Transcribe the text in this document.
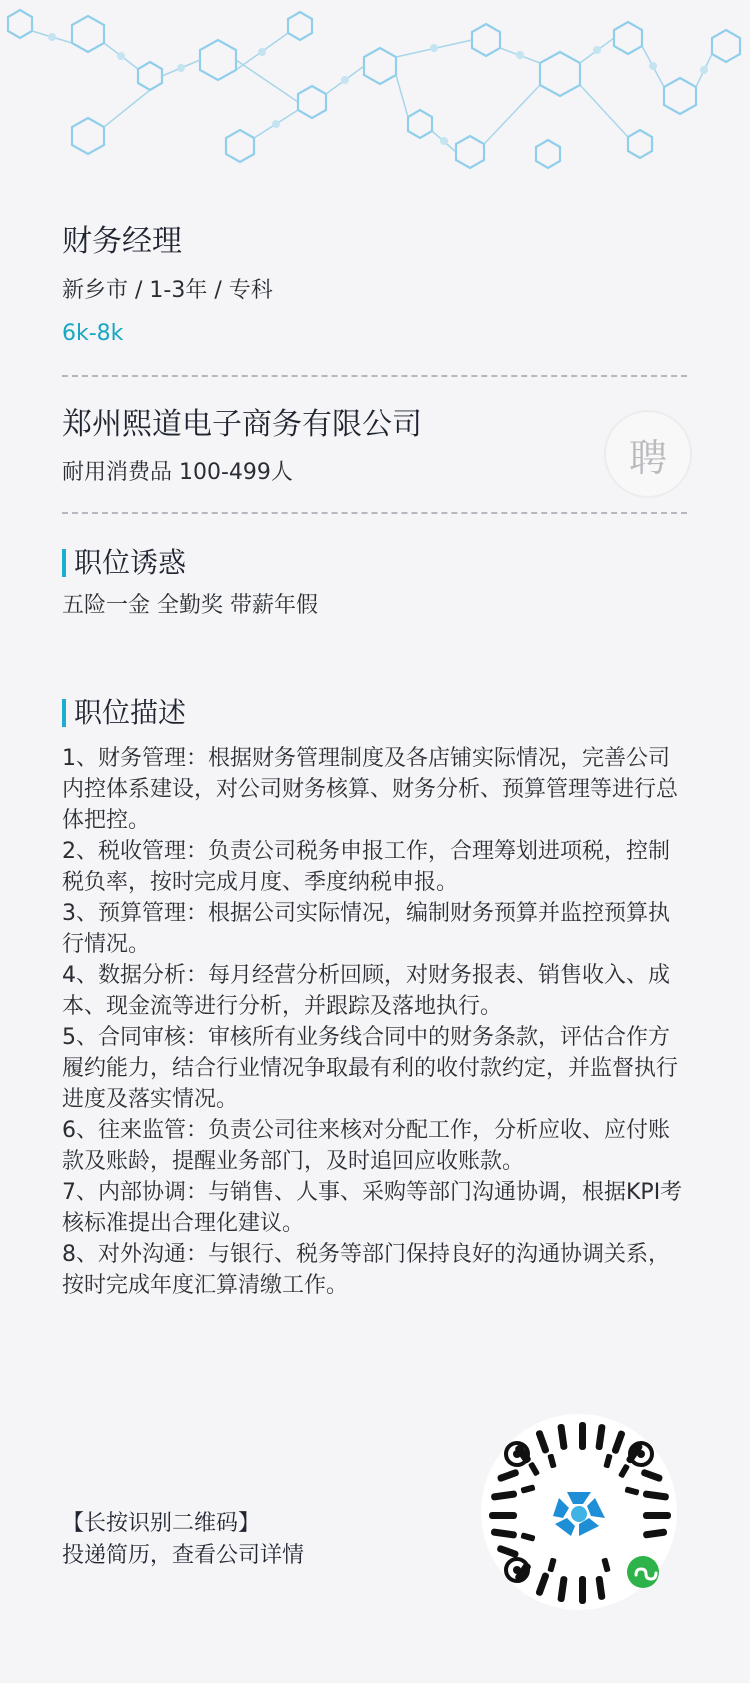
财务经理
新乡市 / 1-3年 / 专科
6k-8k
郑州熙道电子商务有限公司
耐用消费品 100-499人	聘
职位诱惑
五险一金 全勤奖 带薪年假
职位描述

1、财务管理：根据财务管理制度及各店铺实际情况，完善公司内控体系建设，对公司财务核算、财务分析、预算管理等进行总体把控。

2、税收管理：负责公司税务申报工作，合理筹划进项税，控制税负率，按时完成月度、季度纳税申报。

3、预算管理：根据公司实际情况，编制财务预算并监控预算执行情况。

4、数据分析：每月经营分析回顾，对财务报表、销售收入、成本、现金流等进行分析，并跟踪及落地执行。

5、合同审核：审核所有业务线合同中的财务条款，评估合作方履约能力，结合行业情况争取最有利的收付款约定，并监督执行进度及落实情况。

6、往来监管：负责公司往来核对分配工作，分析应收、应付账款及账龄，提醒业务部门，及时追回应收账款。

7、内部协调：与销售、人事、采购等部门沟通协调，根据KPI考核标准提出合理化建议。

8、对外沟通：与银行、税务等部门保持良好的沟通协调关系，按时完成年度汇算清缴工作。

【长按识别二维码】
投递简历，查看公司详情
